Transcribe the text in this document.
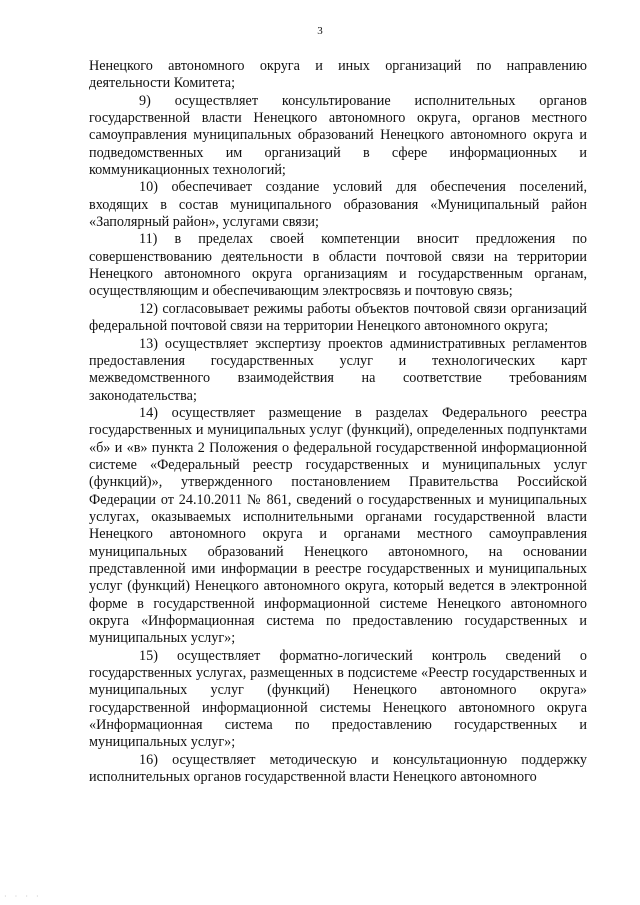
3

Ненецкого автономного округа и иных организаций по направлению деятельности Комитета;

9) осуществляет консультирование исполнительных органов государственной власти Ненецкого автономного округа, органов местного самоуправления муниципальных образований Ненецкого автономного округа и подведомственных им организаций в сфере информационных и коммуникационных технологий;

10) обеспечивает создание условий для обеспечения поселений, входящих в состав муниципального образования «Муниципальный район «Заполярный район», услугами связи;

11) в пределах своей компетенции вносит предложения по совершенствованию деятельности в области почтовой связи на территории Ненецкого автономного округа организациям и государственным органам, осуществляющим и обеспечивающим электросвязь и почтовую связь;

12) согласовывает режимы работы объектов почтовой связи организаций федеральной почтовой связи на территории Ненецкого автономного округа;

13) осуществляет экспертизу проектов административных регламентов предоставления государственных услуг и технологических карт межведомственного взаимодействия на соответствие требованиям законодательства;

14) осуществляет размещение в разделах Федерального реестра государственных и муниципальных услуг (функций), определенных подпунктами «б» и «в» пункта 2 Положения о федеральной государственной информационной системе «Федеральный реестр государственных и муниципальных услуг (функций)», утвержденного постановлением Правительства Российской Федерации от 24.10.2011 № 861, сведений о государственных и муниципальных услугах, оказываемых исполнительными органами государственной власти Ненецкого автономного округа и органами местного самоуправления муниципальных образований Ненецкого автономного, на основании представленной ими информации в реестре государственных и муниципальных услуг (функций) Ненецкого автономного округа, который ведется в электронной форме в государственной информационной системе Ненецкого автономного округа «Информационная система по предоставлению государственных и муниципальных услуг»;

15) осуществляет форматно-логический контроль сведений о государственных услугах, размещенных в подсистеме «Реестр государственных и муниципальных услуг (функций) Ненецкого автономного округа» государственной информационной системы Ненецкого автономного округа «Информационная система по предоставлению государственных и муниципальных услуг»;

16) осуществляет методическую и консультационную поддержку исполнительных органов государственной власти Ненецкого автономного

· · · ·
